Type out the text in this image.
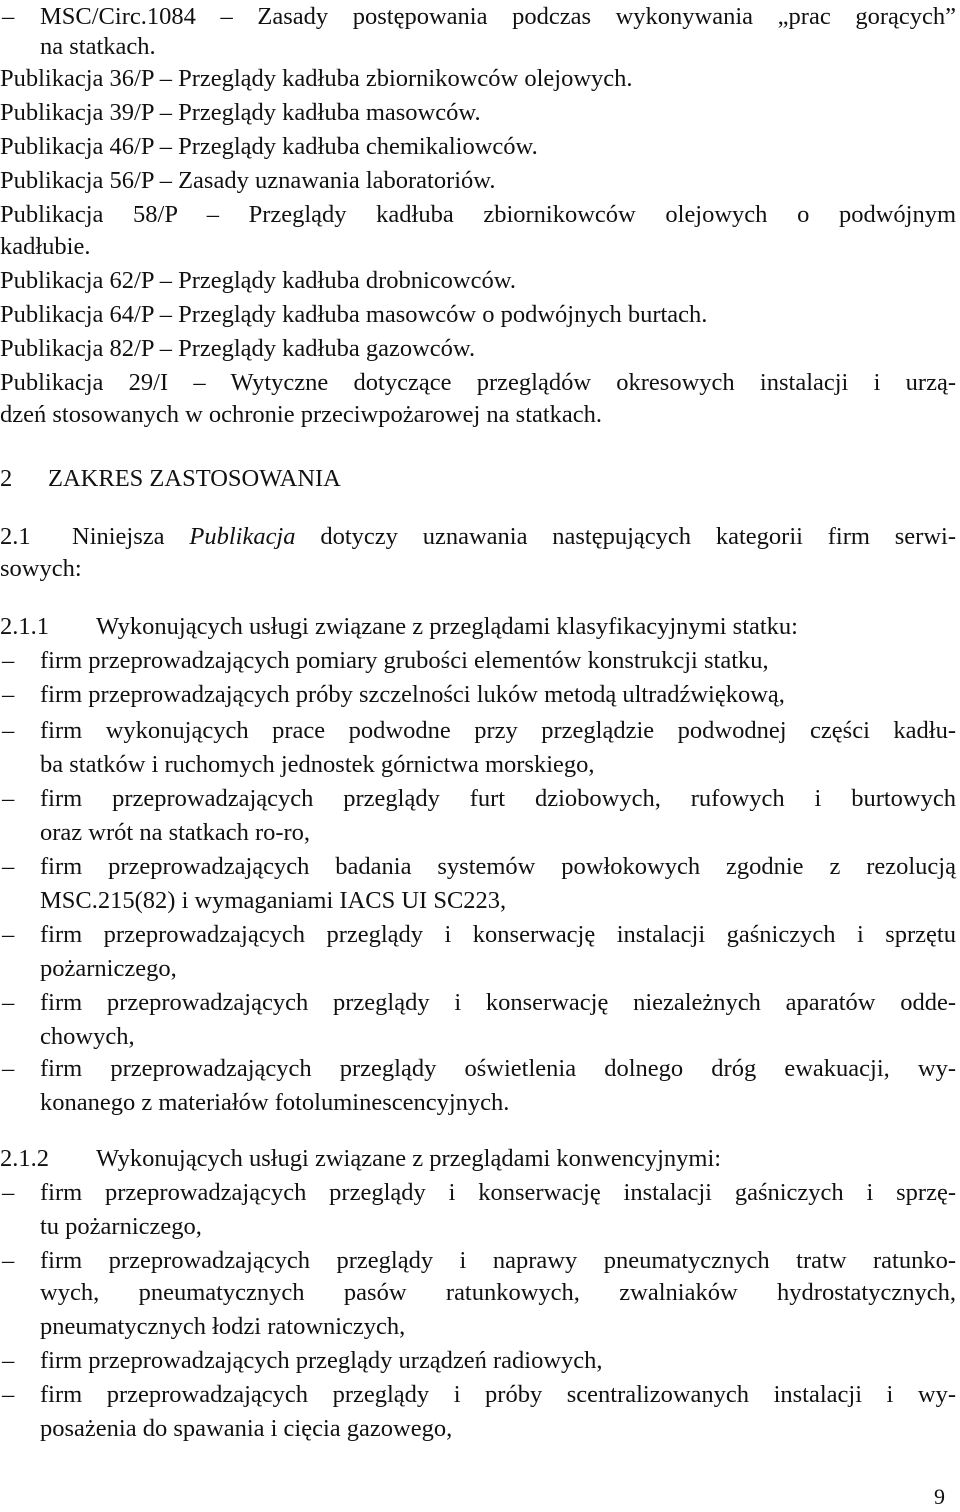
–	MSC/Circ.1084 – Zasady postępowania podczas wykonywania „prac gorących”
na statkach.
Publikacja 36/P – Przeglądy kadłuba zbiornikowców olejowych.
Publikacja 39/P – Przeglądy kadłuba masowców.
Publikacja 46/P – Przeglądy kadłuba chemikaliowców.
Publikacja 56/P – Zasady uznawania laboratoriów.
Publikacja 58/P – Przeglądy kadłuba zbiornikowców olejowych o podwójnym
kadłubie.
Publikacja 62/P – Przeglądy kadłuba drobnicowców.
Publikacja 64/P – Przeglądy kadłuba masowców o podwójnych burtach.
Publikacja 82/P – Przeglądy kadłuba gazowców.
Publikacja 29/I – Wytyczne dotyczące przeglądów okresowych instalacji i urzą-
dzeń stosowanych w ochronie przeciwpożarowej na statkach.
2 ZAKRES ZASTOSOWANIA
2.1 Niniejsza Publikacja dotyczy uznawania następujących kategorii firm serwi-
sowych:
2.1.1 Wykonujących usługi związane z przeglądami klasyfikacyjnymi statku:
–	firm przeprowadzających pomiary grubości elementów konstrukcji statku,
–	firm przeprowadzających próby szczelności luków metodą ultradźwiękową,
–	firm wykonujących prace podwodne przy przeglądzie podwodnej części kadłu-
ba statków i ruchomych jednostek górnictwa morskiego,
–	firm przeprowadzających przeglądy furt dziobowych, rufowych i burtowych
oraz wrót na statkach ro-ro,
–	firm przeprowadzających badania systemów powłokowych zgodnie z rezolucją
MSC.215(82) i wymaganiami IACS UI SC223,
–	firm przeprowadzających przeglądy i konserwację instalacji gaśniczych i sprzętu
pożarniczego,
–	firm przeprowadzających przeglądy i konserwację niezależnych aparatów odde-
chowych,
–	firm przeprowadzających przeglądy oświetlenia dolnego dróg ewakuacji, wy-
konanego z materiałów fotoluminescencyjnych.
2.1.2 Wykonujących usługi związane z przeglądami konwencyjnymi:
–	firm przeprowadzających przeglądy i konserwację instalacji gaśniczych i sprzę-
tu pożarniczego,
–	firm przeprowadzających przeglądy i naprawy pneumatycznych tratw ratunko-
wych, pneumatycznych pasów ratunkowych, zwalniaków hydrostatycznych,
pneumatycznych łodzi ratowniczych,
–	firm przeprowadzających przeglądy urządzeń radiowych,
–	firm przeprowadzających przeglądy i próby scentralizowanych instalacji i wy-
posażenia do spawania i cięcia gazowego,
9
